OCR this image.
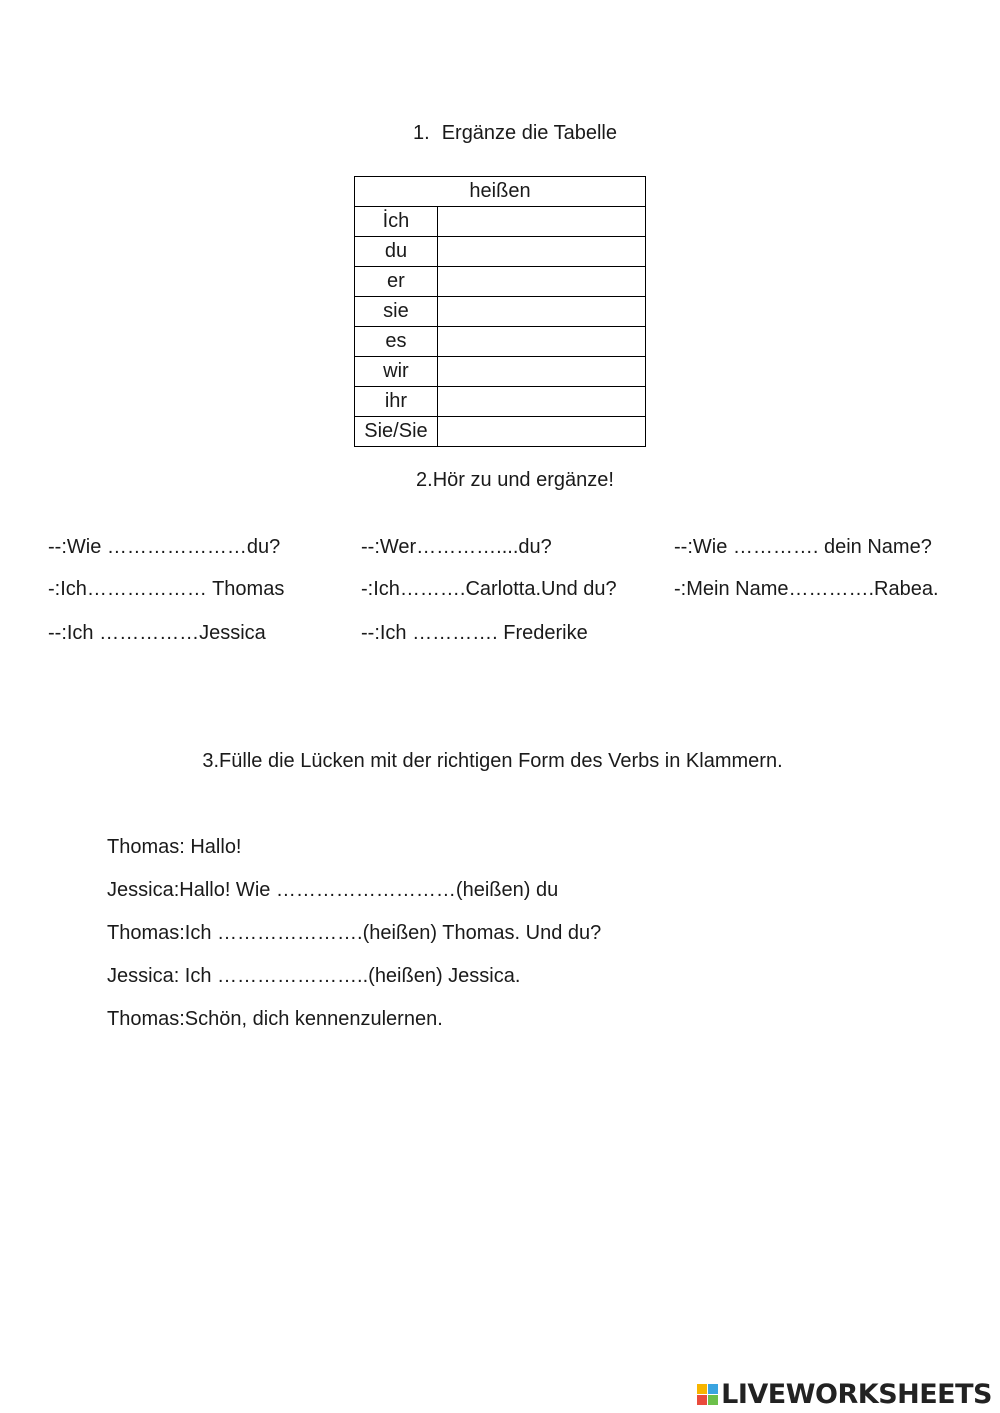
1. Ergänze die Tabelle
heißen	
İch	
du	
er	
sie	
es	
wir	
ihr	
Sie/Sie	
2.Hör zu und ergänze!
--:Wie …………………du?
-:Ich……………… Thomas
--:Ich ……………Jessica
--:Wer…………....du?
-:Ich……….Carlotta.Und du?
--:Ich …………. Frederike
--:Wie …………. dein Name?
-:Mein Name………….Rabea.
3.Fülle die Lücken mit der richtigen Form des Verbs in Klammern.
Thomas: Hallo!
Jessica:Hallo! Wie ………………………(heißen) du
Thomas:Ich ………………….(heißen) Thomas. Und du?
Jessica: Ich …………………..(heißen) Jessica.
Thomas:Schön, dich kennenzulernen.
LIVEWORKSHEETS
